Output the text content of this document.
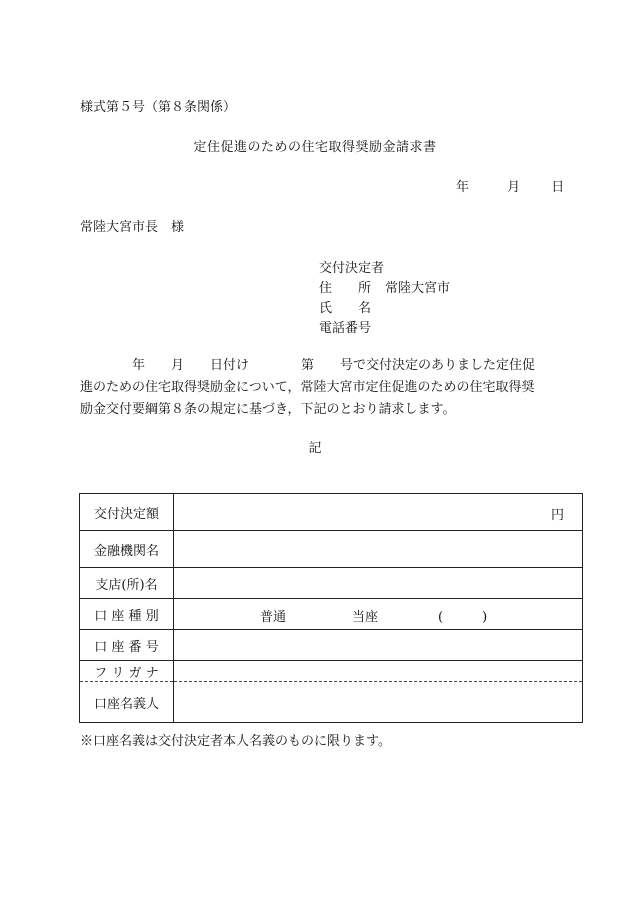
様式第５号（第８条関係）
定住促進のための住宅取得奨励金請求書
年	月 日
常陸大宮市長　様
交付決定者
住　　所 常陸大宮市
氏　　名
電話番号
　　　　年　　月　　日付け　　　　第　　号で交付決定のありました定住促
進のための住宅取得奨励金について，常陸大宮市定住促進のための住宅取得奨
励金交付要綱第８条の規定に基づき，下記のとおり請求します。
記
交付決定額	円

金融機関名	
支店(所)名	
口 座 種 別	普通 当座 (　　　)

口 座 番 号	
フ リ ガ ナ	
口座名義人	
※口座名義は交付決定者本人名義のものに限ります。
